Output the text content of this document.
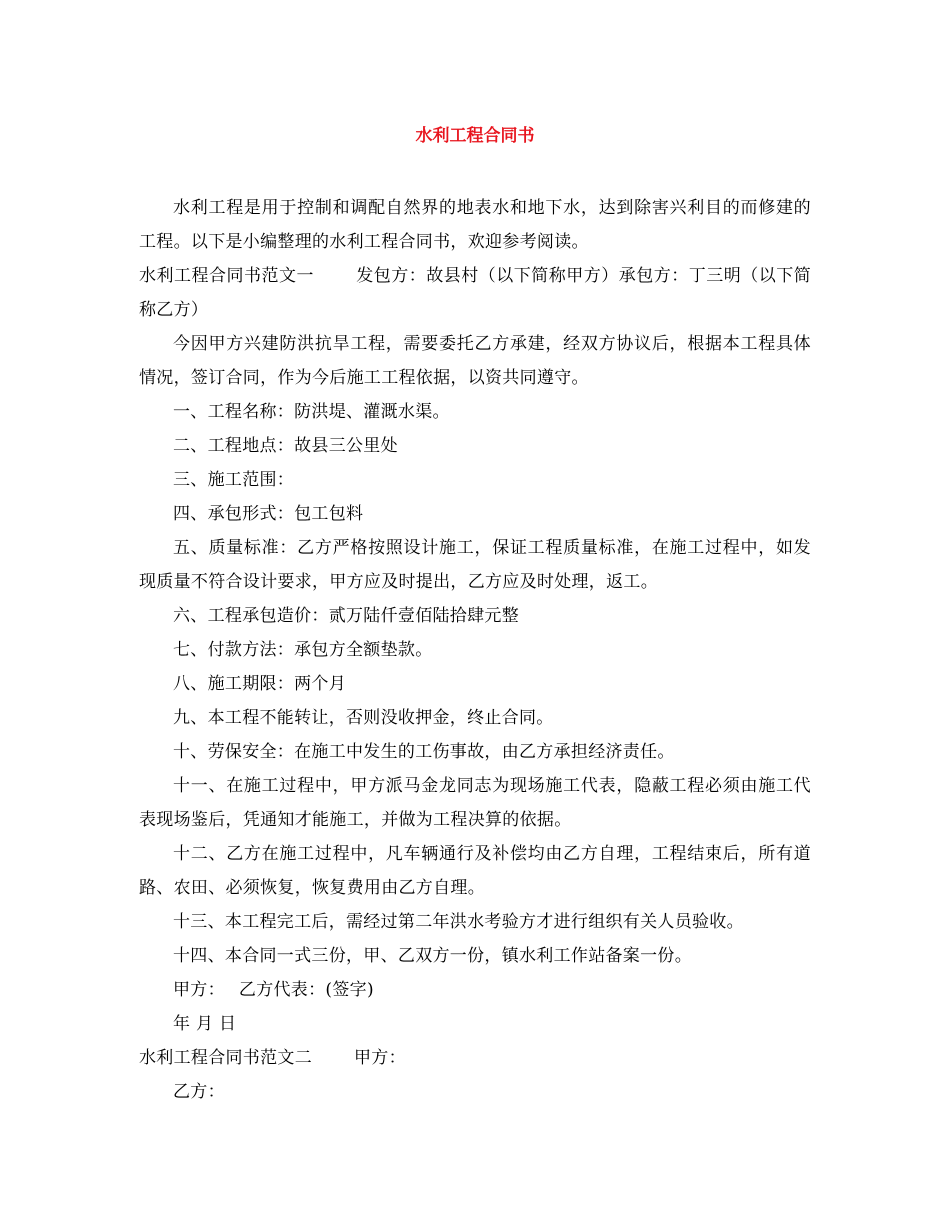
水利工程合同书

水利工程是用于控制和调配自然界的地表水和地下水，达到除害兴利目的而修建的工程。以下是小编整理的水利工程合同书，欢迎参考阅读。

水利工程合同书范文一 发包方：故县村（以下简称甲方）承包方：丁三明（以下简称乙方）

今因甲方兴建防洪抗旱工程，需要委托乙方承建，经双方协议后，根据本工程具体情况，签订合同，作为今后施工工程依据，以资共同遵守。

一、工程名称：防洪堤、灌溉水渠。

二、工程地点：故县三公里处

三、施工范围：

四、承包形式：包工包料

五、质量标准：乙方严格按照设计施工，保证工程质量标准，在施工过程中，如发现质量不符合设计要求，甲方应及时提出，乙方应及时处理，返工。

六、工程承包造价：贰万陆仟壹佰陆拾肆元整

七、付款方法：承包方全额垫款。

八、施工期限：两个月

九、本工程不能转让，否则没收押金，终止合同。

十、劳保安全：在施工中发生的工伤事故，由乙方承担经济责任。

十一、在施工过程中，甲方派马金龙同志为现场施工代表，隐蔽工程必须由施工代表现场鉴后，凭通知才能施工，并做为工程决算的依据。

十二、乙方在施工过程中，凡车辆通行及补偿均由乙方自理，工程结束后，所有道路、农田、必须恢复，恢复费用由乙方自理。

十三、本工程完工后，需经过第二年洪水考验方才进行组织有关人员验收。

十四、本合同一式三份，甲、乙双方一份，镇水利工作站备案一份。

甲方： 乙方代表：(签字)

年 月 日

水利工程合同书范文二 甲方：

乙方：
